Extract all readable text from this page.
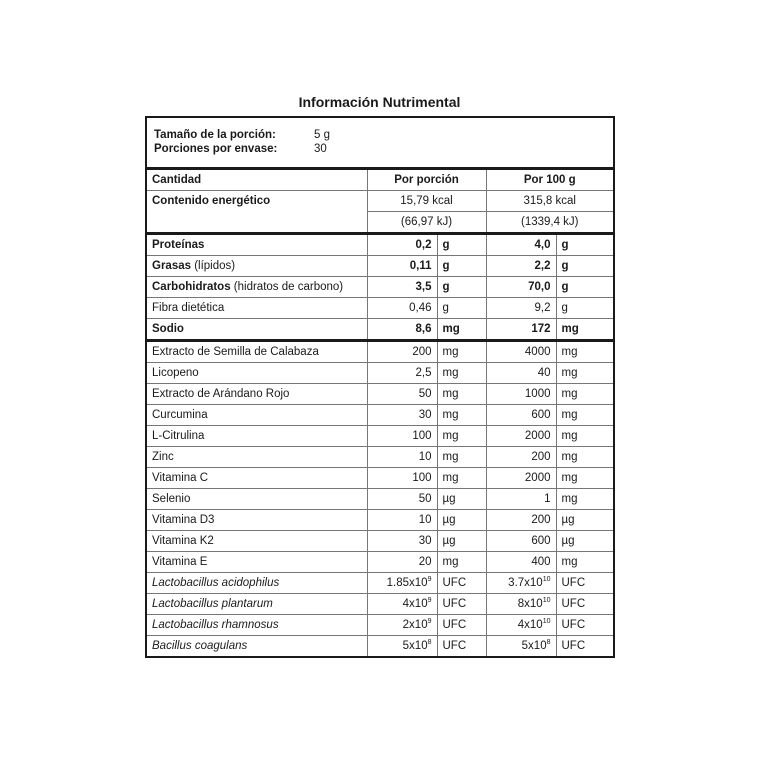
Información Nutrimental
Tamaño de la porción:	5 g
Porciones por envase:	30
Cantidad	Por porción		Por 100 g	
Contenido energético	15,79 kcal		315,8 kcal	
	(66,97 kJ)		(1339,4 kJ)	
Proteínas	0,2	g	4,0	g
Grasas (lípidos)	0,11	g	2,2	g
Carbohidratos (hidratos de carbono)	3,5	g	70,0	g
Fibra dietética	0,46	g	9,2	g
Sodio	8,6	mg	172	mg
Extracto de Semilla de Calabaza	200	mg	4000	mg
Licopeno	2,5	mg	40	mg
Extracto de Arándano Rojo	50	mg	1000	mg
Curcumina	30	mg	600	mg
L-Citrulina	100	mg	2000	mg
Zinc	10	mg	200	mg
Vitamina C	100	mg	2000	mg
Selenio	50	µg	1	mg
Vitamina D3	10	µg	200	µg
Vitamina K2	30	µg	600	µg
Vitamina E	20	mg	400	mg
Lactobacillus acidophilus	$1.85x10^9$	UFC	$3.7x10^{10}$	UFC
Lactobacillus plantarum	$4x10^9$	UFC	$8x10^{10}$	UFC
Lactobacillus rhamnosus	$2x10^9$	UFC	$4x10^{10}$	UFC
Bacillus coagulans	$5x10^8$	UFC	$5x10^8$	UFC
